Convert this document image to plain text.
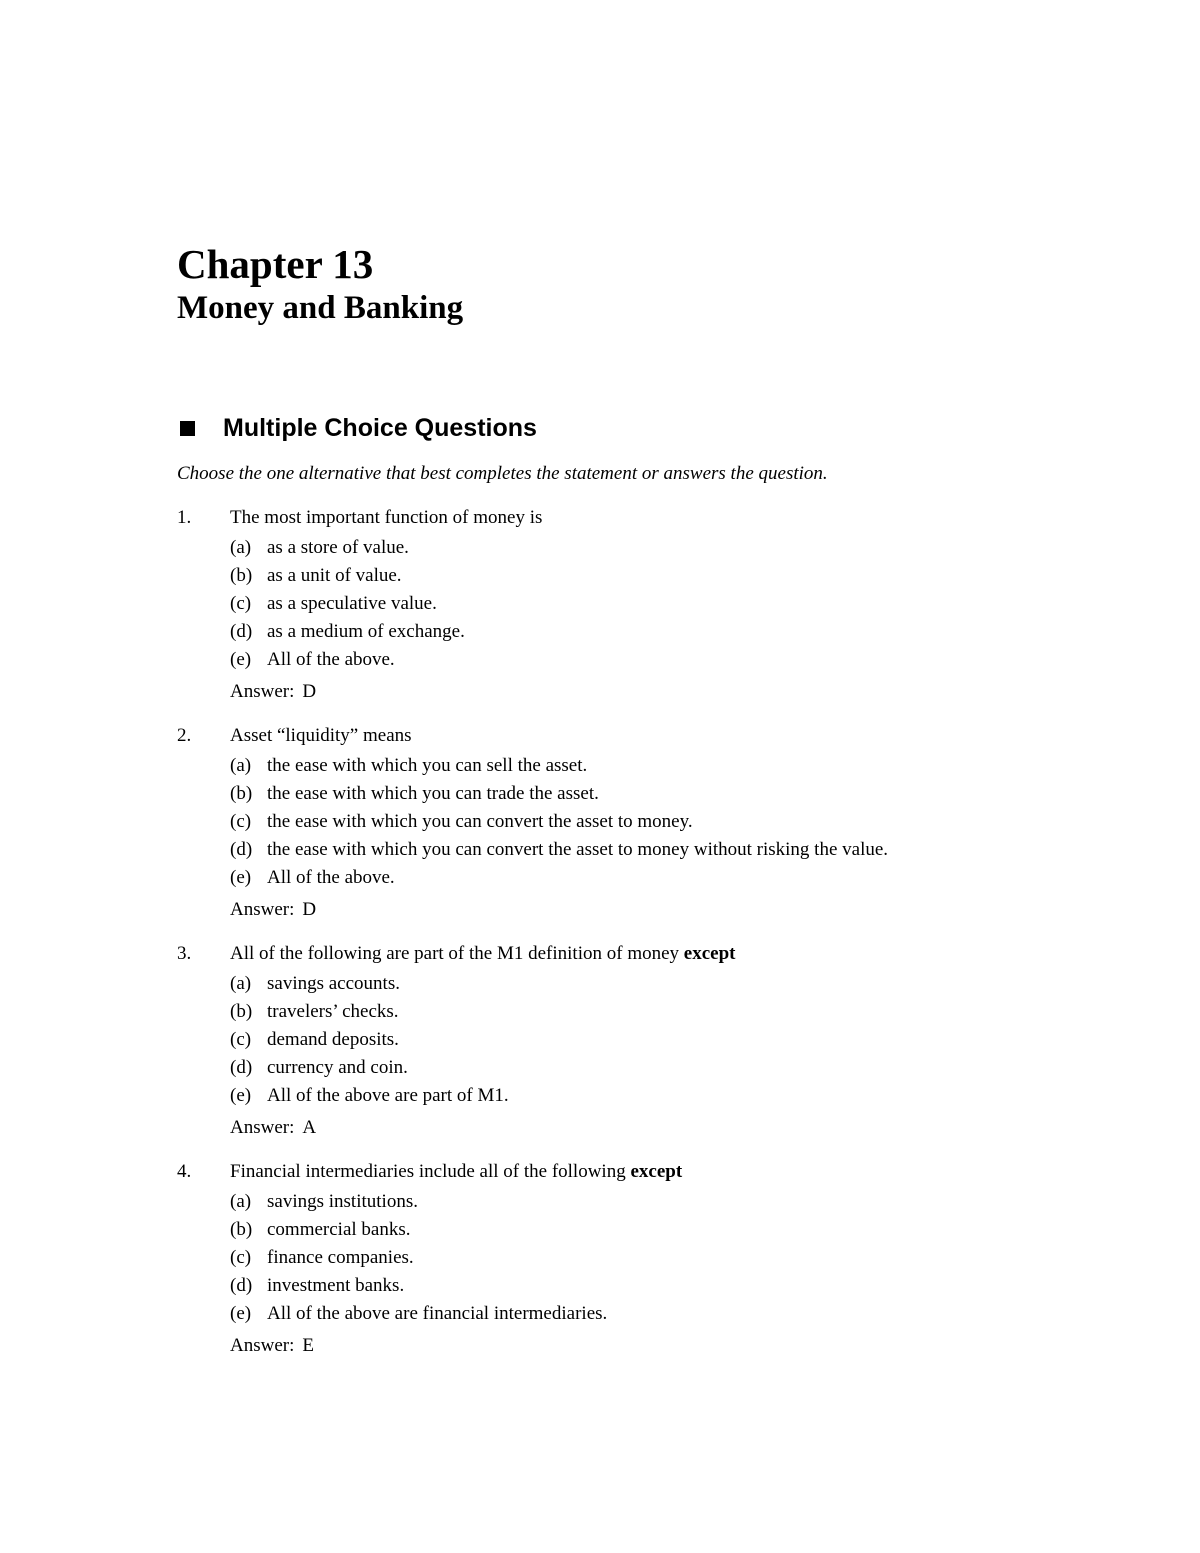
Chapter 13
Money and Banking
Multiple Choice Questions
Choose the one alternative that best completes the statement or answers the question.
1.	The most important function of money is
(a) as a store of value.
(b) as a unit of value.
(c) as a speculative value.
(d) as a medium of exchange.
(e) All of the above.
Answer: D
2.	Asset “liquidity” means
(a) the ease with which you can sell the asset.
(b) the ease with which you can trade the asset.
(c) the ease with which you can convert the asset to money.
(d) the ease with which you can convert the asset to money without risking the value.
(e) All of the above.
Answer: D
3.	All of the following are part of the M1 definition of money except
(a) savings accounts.
(b) travelers’ checks.
(c) demand deposits.
(d) currency and coin.
(e) All of the above are part of M1.
Answer: A
4.	Financial intermediaries include all of the following except
(a) savings institutions.
(b) commercial banks.
(c) finance companies.
(d) investment banks.
(e) All of the above are financial intermediaries.
Answer: E
